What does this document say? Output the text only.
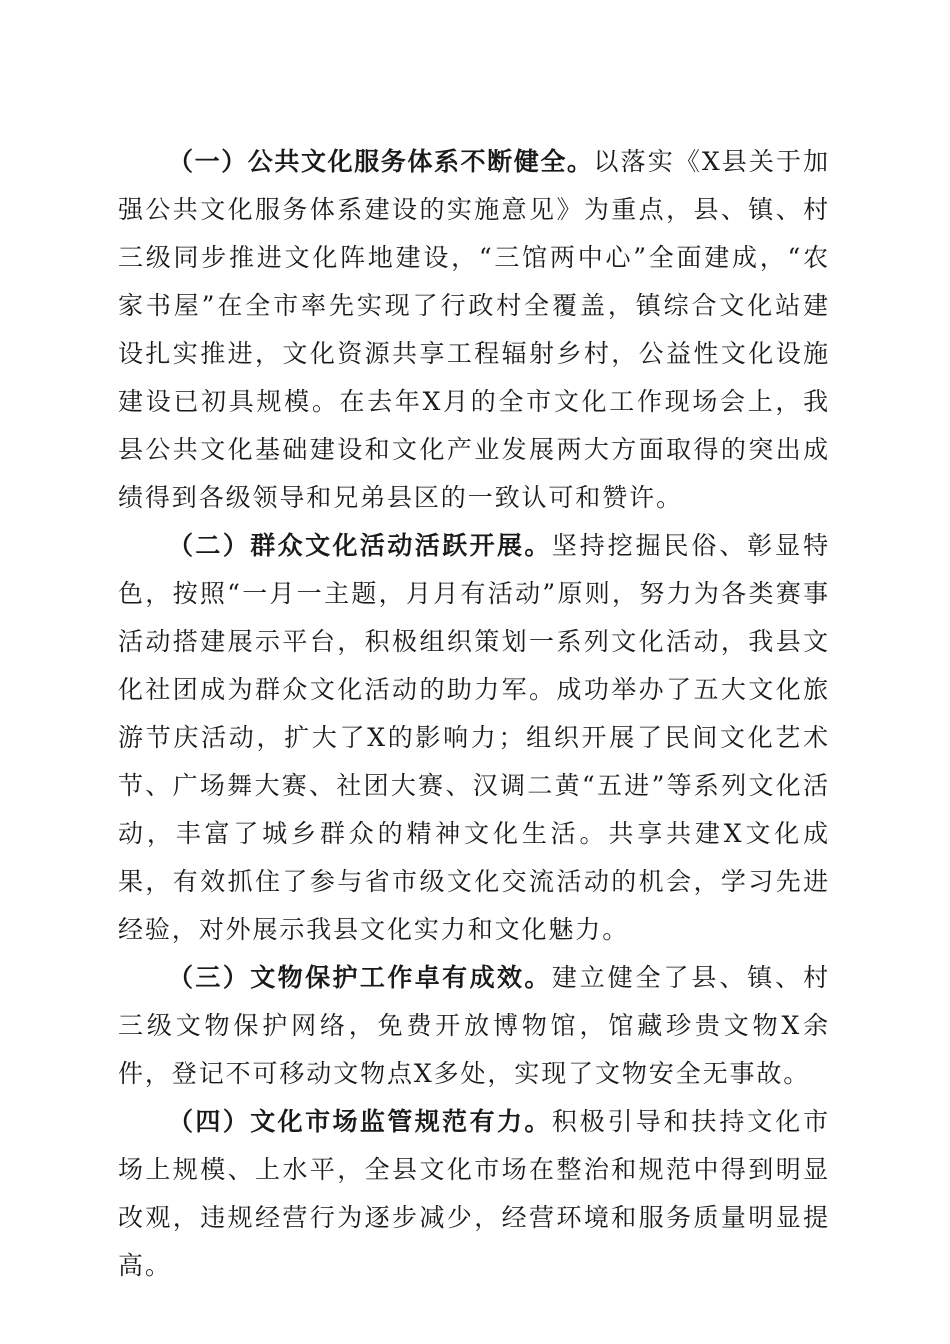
（一）公共文化服务体系不断健全。以落实《X县关于加强公共文化服务体系建设的实施意见》为重点，县、镇、村三级同步推进文化阵地建设，“三馆两中心”全面建成，“农家书屋”在全市率先实现了行政村全覆盖，镇综合文化站建设扎实推进，文化资源共享工程辐射乡村，公益性文化设施建设已初具规模。在去年X月的全市文化工作现场会上，我县公共文化基础建设和文化产业发展两大方面取得的突出成绩得到各级领导和兄弟县区的一致认可和赞许。

（二）群众文化活动活跃开展。坚持挖掘民俗、彰显特色，按照“一月一主题，月月有活动”原则，努力为各类赛事活动搭建展示平台，积极组织策划一系列文化活动，我县文化社团成为群众文化活动的助力军。成功举办了五大文化旅游节庆活动，扩大了X的影响力；组织开展了民间文化艺术节、广场舞大赛、社团大赛、汉调二黄“五进”等系列文化活动，丰富了城乡群众的精神文化生活。共享共建X文化成果，有效抓住了参与省市级文化交流活动的机会，学习先进经验，对外展示我县文化实力和文化魅力。

（三）文物保护工作卓有成效。建立健全了县、镇、村三级文物保护网络，免费开放博物馆，馆藏珍贵文物X余件，登记不可移动文物点X多处，实现了文物安全无事故。

（四）文化市场监管规范有力。积极引导和扶持文化市场上规模、上水平，全县文化市场在整治和规范中得到明显改观，违规经营行为逐步减少，经营环境和服务质量明显提高。
